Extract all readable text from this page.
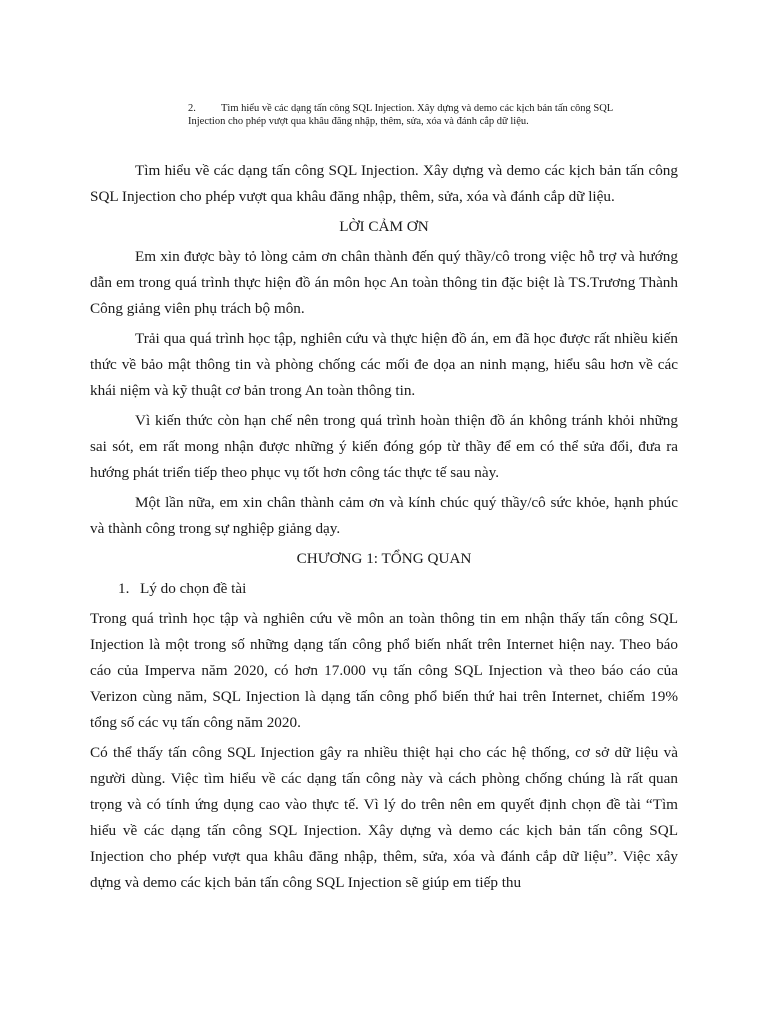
2.	Tìm hiểu về các dạng tấn công SQL Injection. Xây dựng và demo các kịch bản tấn công SQL Injection cho phép vượt qua khâu đăng nhập, thêm, sửa, xóa và đánh cắp dữ liệu.

Tìm hiểu về các dạng tấn công SQL Injection. Xây dựng và demo các kịch bản tấn công SQL Injection cho phép vượt qua khâu đăng nhập, thêm, sửa, xóa và đánh cắp dữ liệu.

LỜI CẢM ƠN

Em xin được bày tỏ lòng cảm ơn chân thành đến quý thầy/cô trong việc hỗ trợ và hướng dẫn em trong quá trình thực hiện đồ án môn học An toàn thông tin đặc biệt là TS.Trương Thành Công giảng viên phụ trách bộ môn.

Trải qua quá trình học tập, nghiên cứu và thực hiện đồ án, em đã học được rất nhiều kiến thức về bảo mật thông tin và phòng chống các mối đe dọa an ninh mạng, hiểu sâu hơn về các khái niệm và kỹ thuật cơ bản trong An toàn thông tin.

Vì kiến thức còn hạn chế nên trong quá trình hoàn thiện đồ án không tránh khỏi những sai sót, em rất mong nhận được những ý kiến đóng góp từ thầy để em có thể sửa đổi, đưa ra hướng phát triển tiếp theo phục vụ tốt hơn công tác thực tế sau này.

Một lần nữa, em xin chân thành cảm ơn và kính chúc quý thầy/cô sức khỏe, hạnh phúc và thành công trong sự nghiệp giảng dạy.

CHƯƠNG 1: TỔNG QUAN
1. Lý do chọn đề tài

Trong quá trình học tập và nghiên cứu về môn an toàn thông tin em nhận thấy tấn công SQL Injection là một trong số những dạng tấn công phổ biến nhất trên Internet hiện nay. Theo báo cáo của Imperva năm 2020, có hơn 17.000 vụ tấn công SQL Injection và theo báo cáo của Verizon cùng năm, SQL Injection là dạng tấn công phổ biến thứ hai trên Internet, chiếm 19% tổng số các vụ tấn công năm 2020.

Có thể thấy tấn công SQL Injection gây ra nhiều thiệt hại cho các hệ thống, cơ sở dữ liệu và người dùng. Việc tìm hiểu về các dạng tấn công này và cách phòng chống chúng là rất quan trọng và có tính ứng dụng cao vào thực tế. Vì lý do trên nên em quyết định chọn đề tài “Tìm hiểu về các dạng tấn công SQL Injection. Xây dựng và demo các kịch bản tấn công SQL Injection cho phép vượt qua khâu đăng nhập, thêm, sửa, xóa và đánh cắp dữ liệu”. Việc xây dựng và demo các kịch bản tấn công SQL Injection sẽ giúp em tiếp thu
